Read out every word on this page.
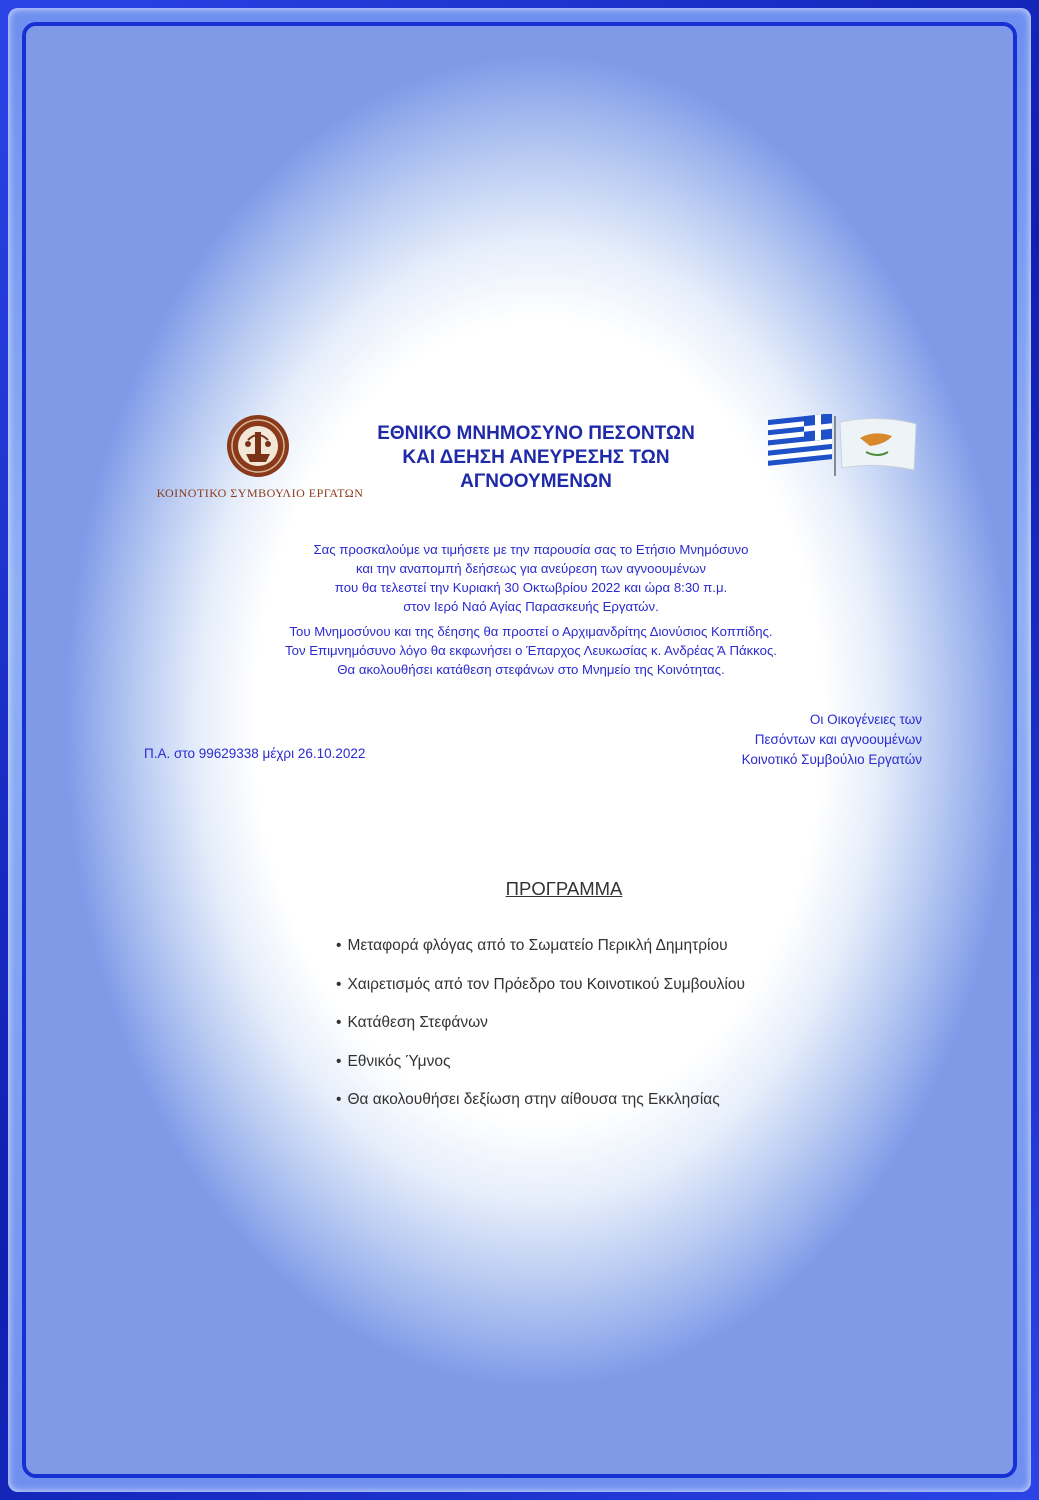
ΚΟΙΝΟΤΙΚΟ ΣΥΜΒΟΥΛΙΟ ΕΡΓΑΤΩΝ
ΕΘΝΙΚΟ ΜΝΗΜΟΣΥΝΟ ΠΕΣΟΝΤΩΝ
ΚΑΙ ΔΕΗΣΗ ΑΝΕΥΡΕΣΗΣ ΤΩΝ
ΑΓΝΟΟΥΜΕΝΩΝ
Σας προσκαλούμε να τιμήσετε με την παρουσία σας το Ετήσιο Μνημόσυνο
και την αναπομπή δεήσεως για ανεύρεση των αγνοουμένων
που θα τελεστεί την Κυριακή 30 Οκτωβρίου 2022 και ώρα 8:30 π.μ.
στον Ιερό Ναό Αγίας Παρασκευής Εργατών.
Του Μνημοσύνου και της δέησης θα προστεί ο Αρχιμανδρίτης Διονύσιος Κοππίδης.
Τον Επιμνημόσυνο λόγο θα εκφωνήσει ο Έπαρχος Λευκωσίας κ. Ανδρέας Ά Πάκκος.
Θα ακολουθήσει κατάθεση στεφάνων στο Μνημείο της Κοινότητας.
Π.Α. στο 99629338 μέχρι 26.10.2022
Οι Οικογένειες των
Πεσόντων και αγνοουμένων
Κοινοτικό Συμβούλιο Εργατών
ΠΡΟΓΡΑΜΜΑ
• Μεταφορά φλόγας από το Σωματείο Περικλή Δημητρίου
• Χαιρετισμός από τον Πρόεδρο του Κοινοτικού Συμβουλίου
• Κατάθεση Στεφάνων
• Εθνικός Ύμνος
• Θα ακολουθήσει δεξίωση στην αίθουσα της Εκκλησίας
